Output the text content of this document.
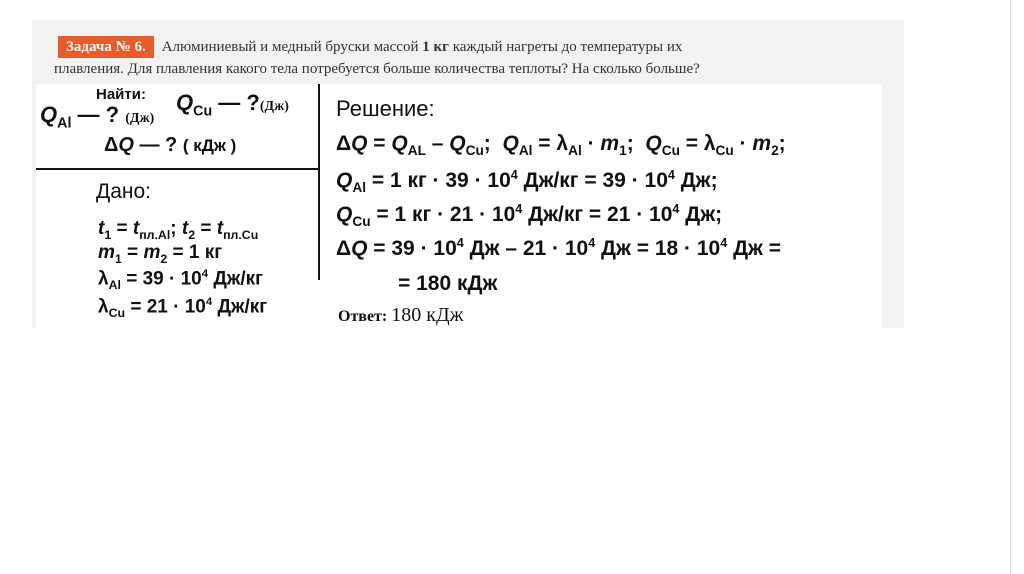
Задача № 6. Алюминиевый и медный бруски массой 1 кг каждый нагреты до температуры их
плавления. Для плавления какого тела потребуется больше количества теплоты? На сколько больше?
Найти:
$Q_{Al}$ — ? (Дж)
$Q_{Cu}$ — ?(Дж)
ΔQ — ? ( кДж )
Дано:
$t_1 = t_{пл.Al}$; $t_2 = t_{пл.Cu}$
$m_1 = m_2 = 1$ кг
$\lambda_{Al} = 39 \cdot 10^4$ Дж/кг
$\lambda_{Cu} = 21 \cdot 10^4$ Дж/кг
Решение:
$\Delta Q = Q_{AL} - Q_{Cu}$;  $Q_{Al} = \lambda_{Al} \cdot m_1$;  $Q_{Cu} = \lambda_{Cu} \cdot m_2$;
$Q_{Al} = 1$ кг · $39 \cdot 10^4$ $Дж/кг = 39 \cdot 10^4$ Дж;
$Q_{Cu} = 1$ кг · $21 \cdot 10^4$ $Дж/кг = 21 \cdot 10^4$ Дж;
$\Delta Q = 39 \cdot 10^4$ Дж – $21 \cdot 10^4$ Дж = $18 \cdot 10^4$ Дж =
= 180 кДж
Ответ: 180 кДж
